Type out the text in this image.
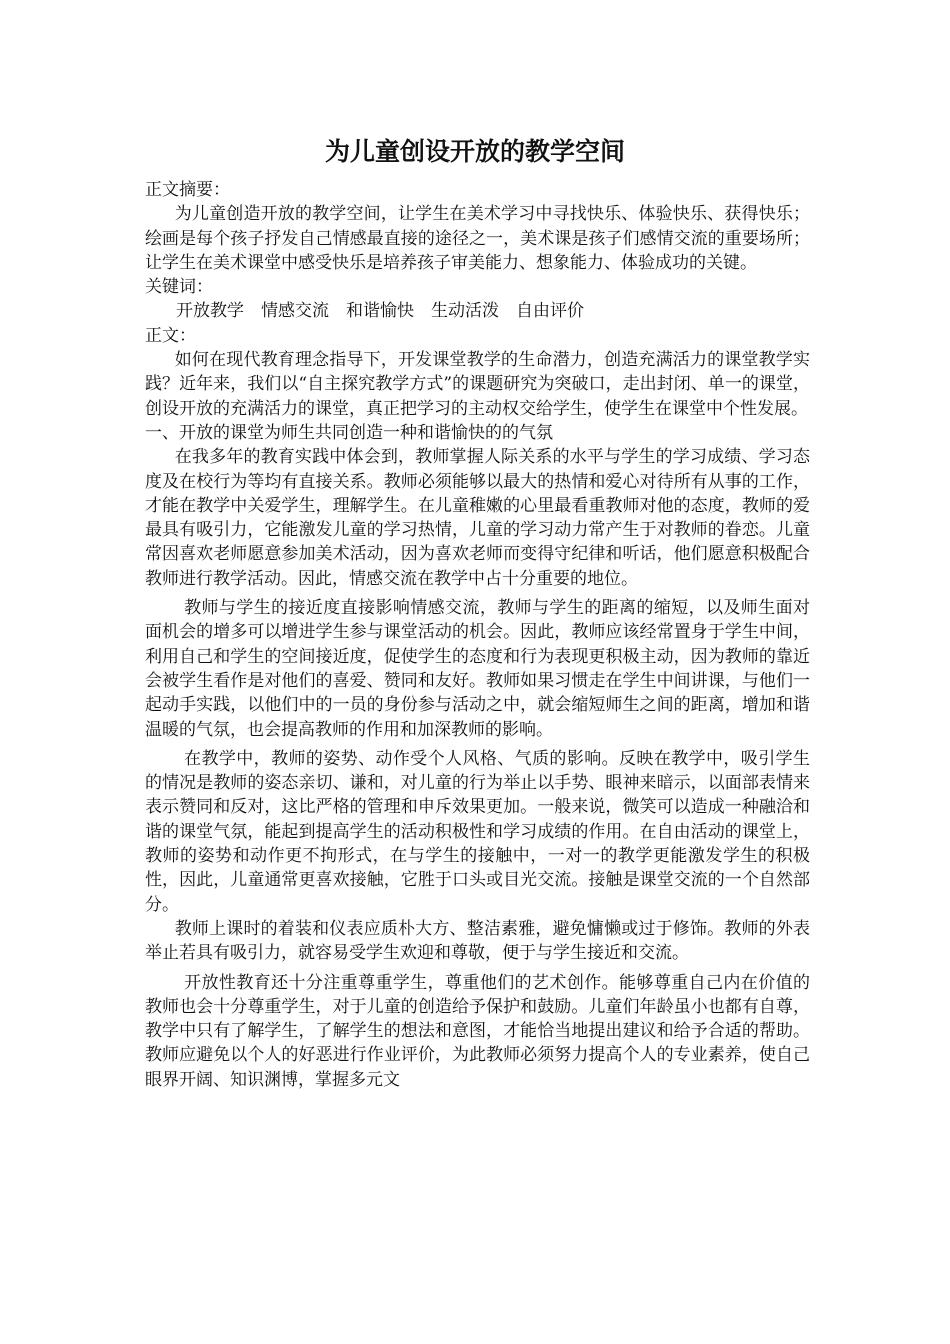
为儿童创设开放的教学空间

正文摘要：

为儿童创造开放的教学空间，让学生在美术学习中寻找快乐、体验快乐、获得快乐；绘画是每个孩子抒发自己情感最直接的途径之一，美术课是孩子们感情交流的重要场所；让学生在美术课堂中感受快乐是培养孩子审美能力、想象能力、体验成功的关键。

关键词：

开放教学 情感交流 和谐愉快 生动活泼 自由评价

正文：

如何在现代教育理念指导下，开发课堂教学的生命潜力，创造充满活力的课堂教学实践？近年来，我们以“自主探究教学方式”的课题研究为突破口，走出封闭、单一的课堂，创设开放的充满活力的课堂，真正把学习的主动权交给学生，使学生在课堂中个性发展。

一、开放的课堂为师生共同创造一种和谐愉快的的气氛

在我多年的教育实践中体会到，教师掌握人际关系的水平与学生的学习成绩、学习态度及在校行为等均有直接关系。教师必须能够以最大的热情和爱心对待所有从事的工作，才能在教学中关爱学生，理解学生。在儿童稚嫩的心里最看重教师对他的态度，教师的爱最具有吸引力，它能激发儿童的学习热情，儿童的学习动力常产生于对教师的眷恋。儿童常因喜欢老师愿意参加美术活动，因为喜欢老师而变得守纪律和听话，他们愿意积极配合教师进行教学活动。因此，情感交流在教学中占十分重要的地位。

教师与学生的接近度直接影响情感交流，教师与学生的距离的缩短，以及师生面对面机会的增多可以增进学生参与课堂活动的机会。因此，教师应该经常置身于学生中间，利用自己和学生的空间接近度，促使学生的态度和行为表现更积极主动，因为教师的靠近会被学生看作是对他们的喜爱、赞同和友好。教师如果习惯走在学生中间讲课，与他们一起动手实践，以他们中的一员的身份参与活动之中，就会缩短师生之间的距离，增加和谐温暖的气氛，也会提高教师的作用和加深教师的影响。

在教学中，教师的姿势、动作受个人风格、气质的影响。反映在教学中，吸引学生的情况是教师的姿态亲切、谦和，对儿童的行为举止以手势、眼神来暗示，以面部表情来表示赞同和反对，这比严格的管理和申斥效果更加。一般来说，微笑可以造成一种融洽和谐的课堂气氛，能起到提高学生的活动积极性和学习成绩的作用。在自由活动的课堂上，教师的姿势和动作更不拘形式，在与学生的接触中，一对一的教学更能激发学生的积极性，因此，儿童通常更喜欢接触，它胜于口头或目光交流。接触是课堂交流的一个自然部分。

教师上课时的着装和仪表应质朴大方、整洁素雅，避免慵懒或过于修饰。教师的外表举止若具有吸引力，就容易受学生欢迎和尊敬，便于与学生接近和交流。

开放性教育还十分注重尊重学生，尊重他们的艺术创作。能够尊重自己内在价值的教师也会十分尊重学生，对于儿童的创造给予保护和鼓励。儿童们年龄虽小也都有自尊，教学中只有了解学生，了解学生的想法和意图，才能恰当地提出建议和给予合适的帮助。教师应避免以个人的好恶进行作业评价，为此教师必须努力提高个人的专业素养，使自己眼界开阔、知识渊博，掌握多元文
